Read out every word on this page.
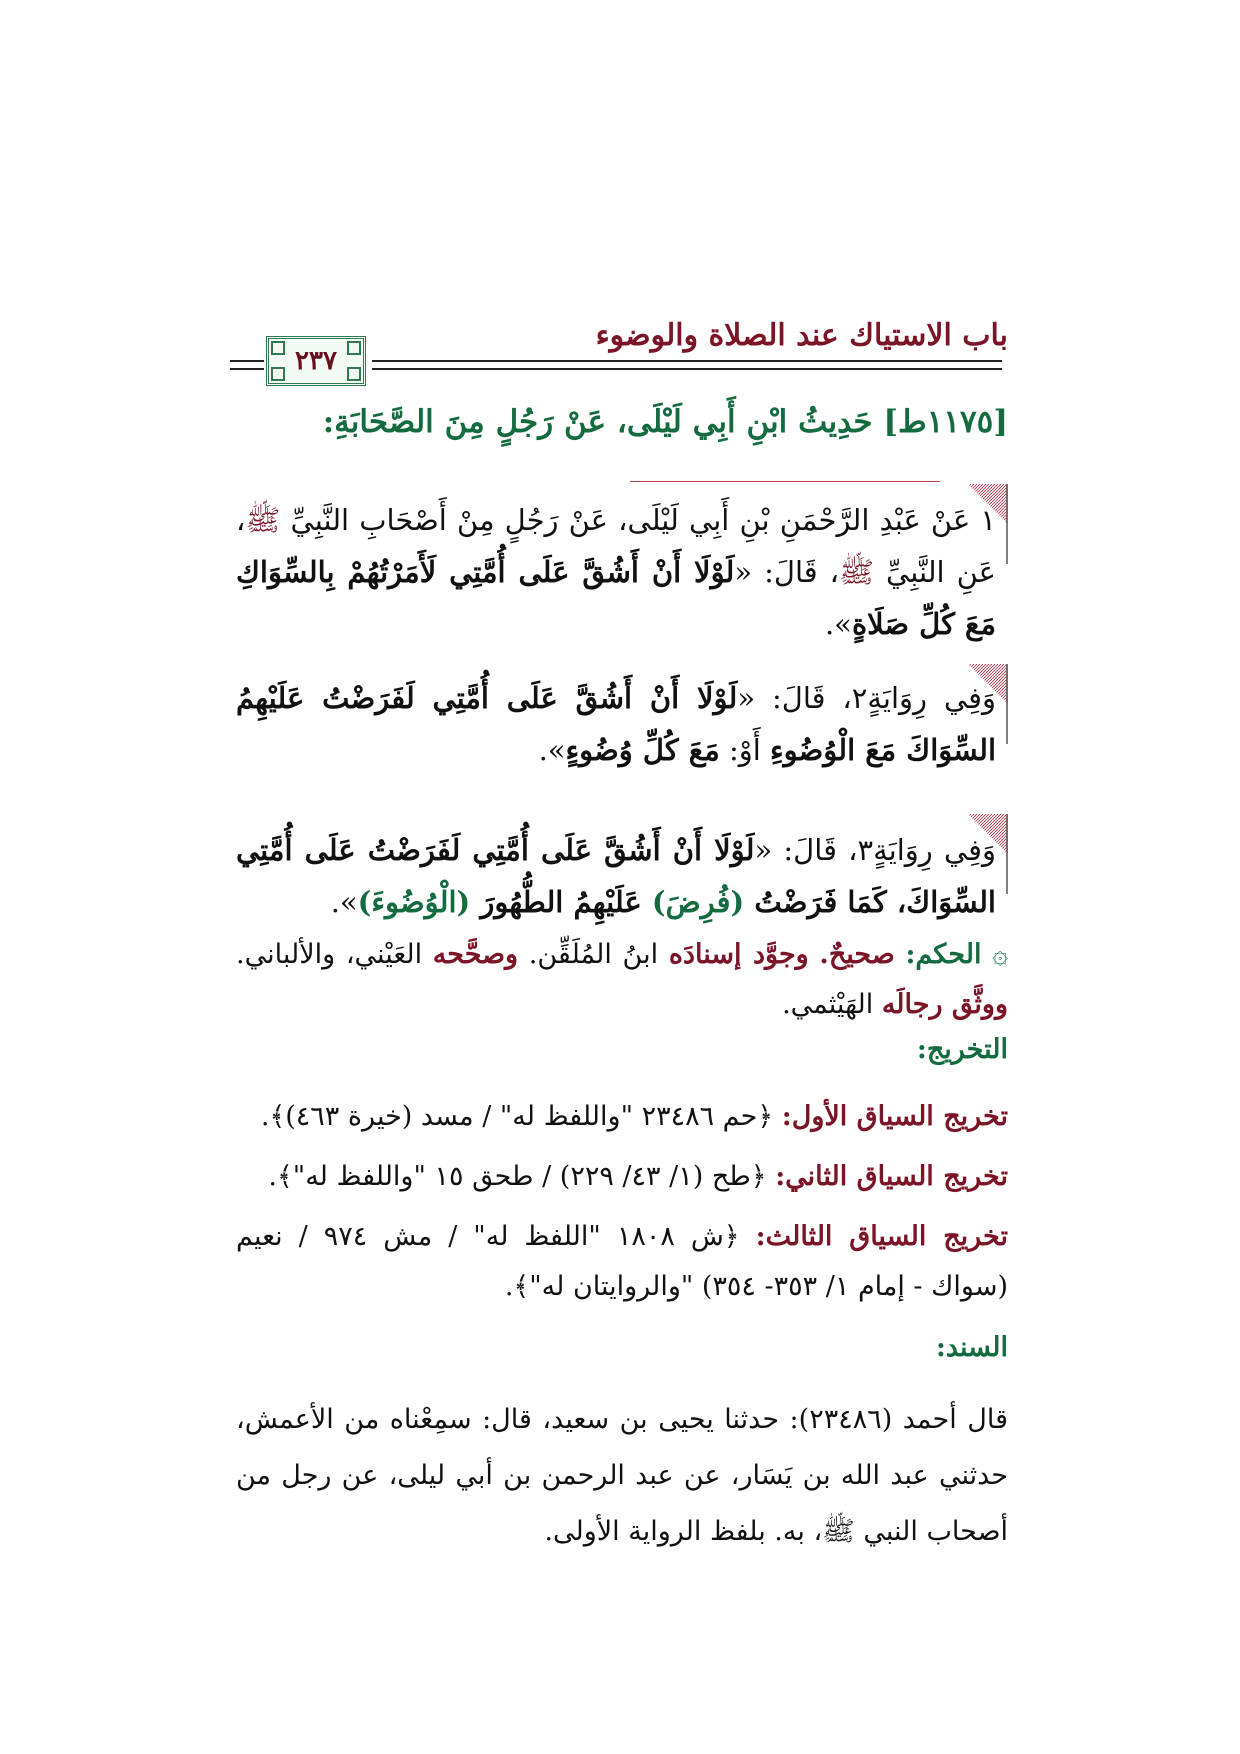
باب الاستياك عند الصلاة والوضوء
٢٣٧
[١١٧٥ط] حَدِيثُ ابْنِ أَبِي لَيْلَى، عَنْ رَجُلٍ مِنَ الصَّحَابَةِ:
١ عَنْ عَبْدِ الرَّحْمَنِ بْنِ أَبِي لَيْلَى، عَنْ رَجُلٍ مِنْ أَصْحَابِ النَّبِيِّ ﷺ، عَنِ النَّبِيِّ ﷺ، قَالَ: «لَوْلَا أَنْ أَشُقَّ عَلَى أُمَّتِي لَأَمَرْتُهُمْ بِالسِّوَاكِ مَعَ كُلِّ صَلَاةٍ».
وَفِي رِوَايَةٍ٢، قَالَ: «لَوْلَا أَنْ أَشُقَّ عَلَى أُمَّتِي لَفَرَضْتُ عَلَيْهِمُ السِّوَاكَ مَعَ الْوُضُوءِ أَوْ: مَعَ كُلِّ وُضُوءٍ».
وَفِي رِوَايَةٍ٣، قَالَ: «لَوْلَا أَنْ أَشُقَّ عَلَى أُمَّتِي لَفَرَضْتُ عَلَى أُمَّتِي السِّوَاكَ، كَمَا فَرَضْتُ (فُرِضَ) عَلَيْهِمُ الطُّهُورَ (الْوُضُوءَ)».
۞ الحكم: صحيحٌ. وجوَّد إسنادَه ابنُ المُلَقِّن. وصحَّحه العَيْني، والألباني. ووثَّق رجالَه الهَيْثمي.
التخريج:
تخريج السياق الأول: ﴿حم ٢٣٤٨٦ "واللفظ له" / مسد (خيرة ٤٦٣)﴾.
تخريج السياق الثاني: ﴿طح (١/ ٤٣/ ٢٢٩) / طحق ١٥ "واللفظ له"﴾.
تخريج السياق الثالث: ﴿ش ١٨٠٨ "اللفظ له" / مش ٩٧٤ / نعيم (سواك - إمام ١/ ٣٥٣- ٣٥٤) "والروايتان له"﴾.
السند:
قال أحمد (٢٣٤٨٦): حدثنا يحيى بن سعيد، قال: سمِعْناه من الأعمش، حدثني عبد الله بن يَسَار، عن عبد الرحمن بن أبي ليلى، عن رجل من أصحاب النبي ﷺ، به. بلفظ الرواية الأولى.
